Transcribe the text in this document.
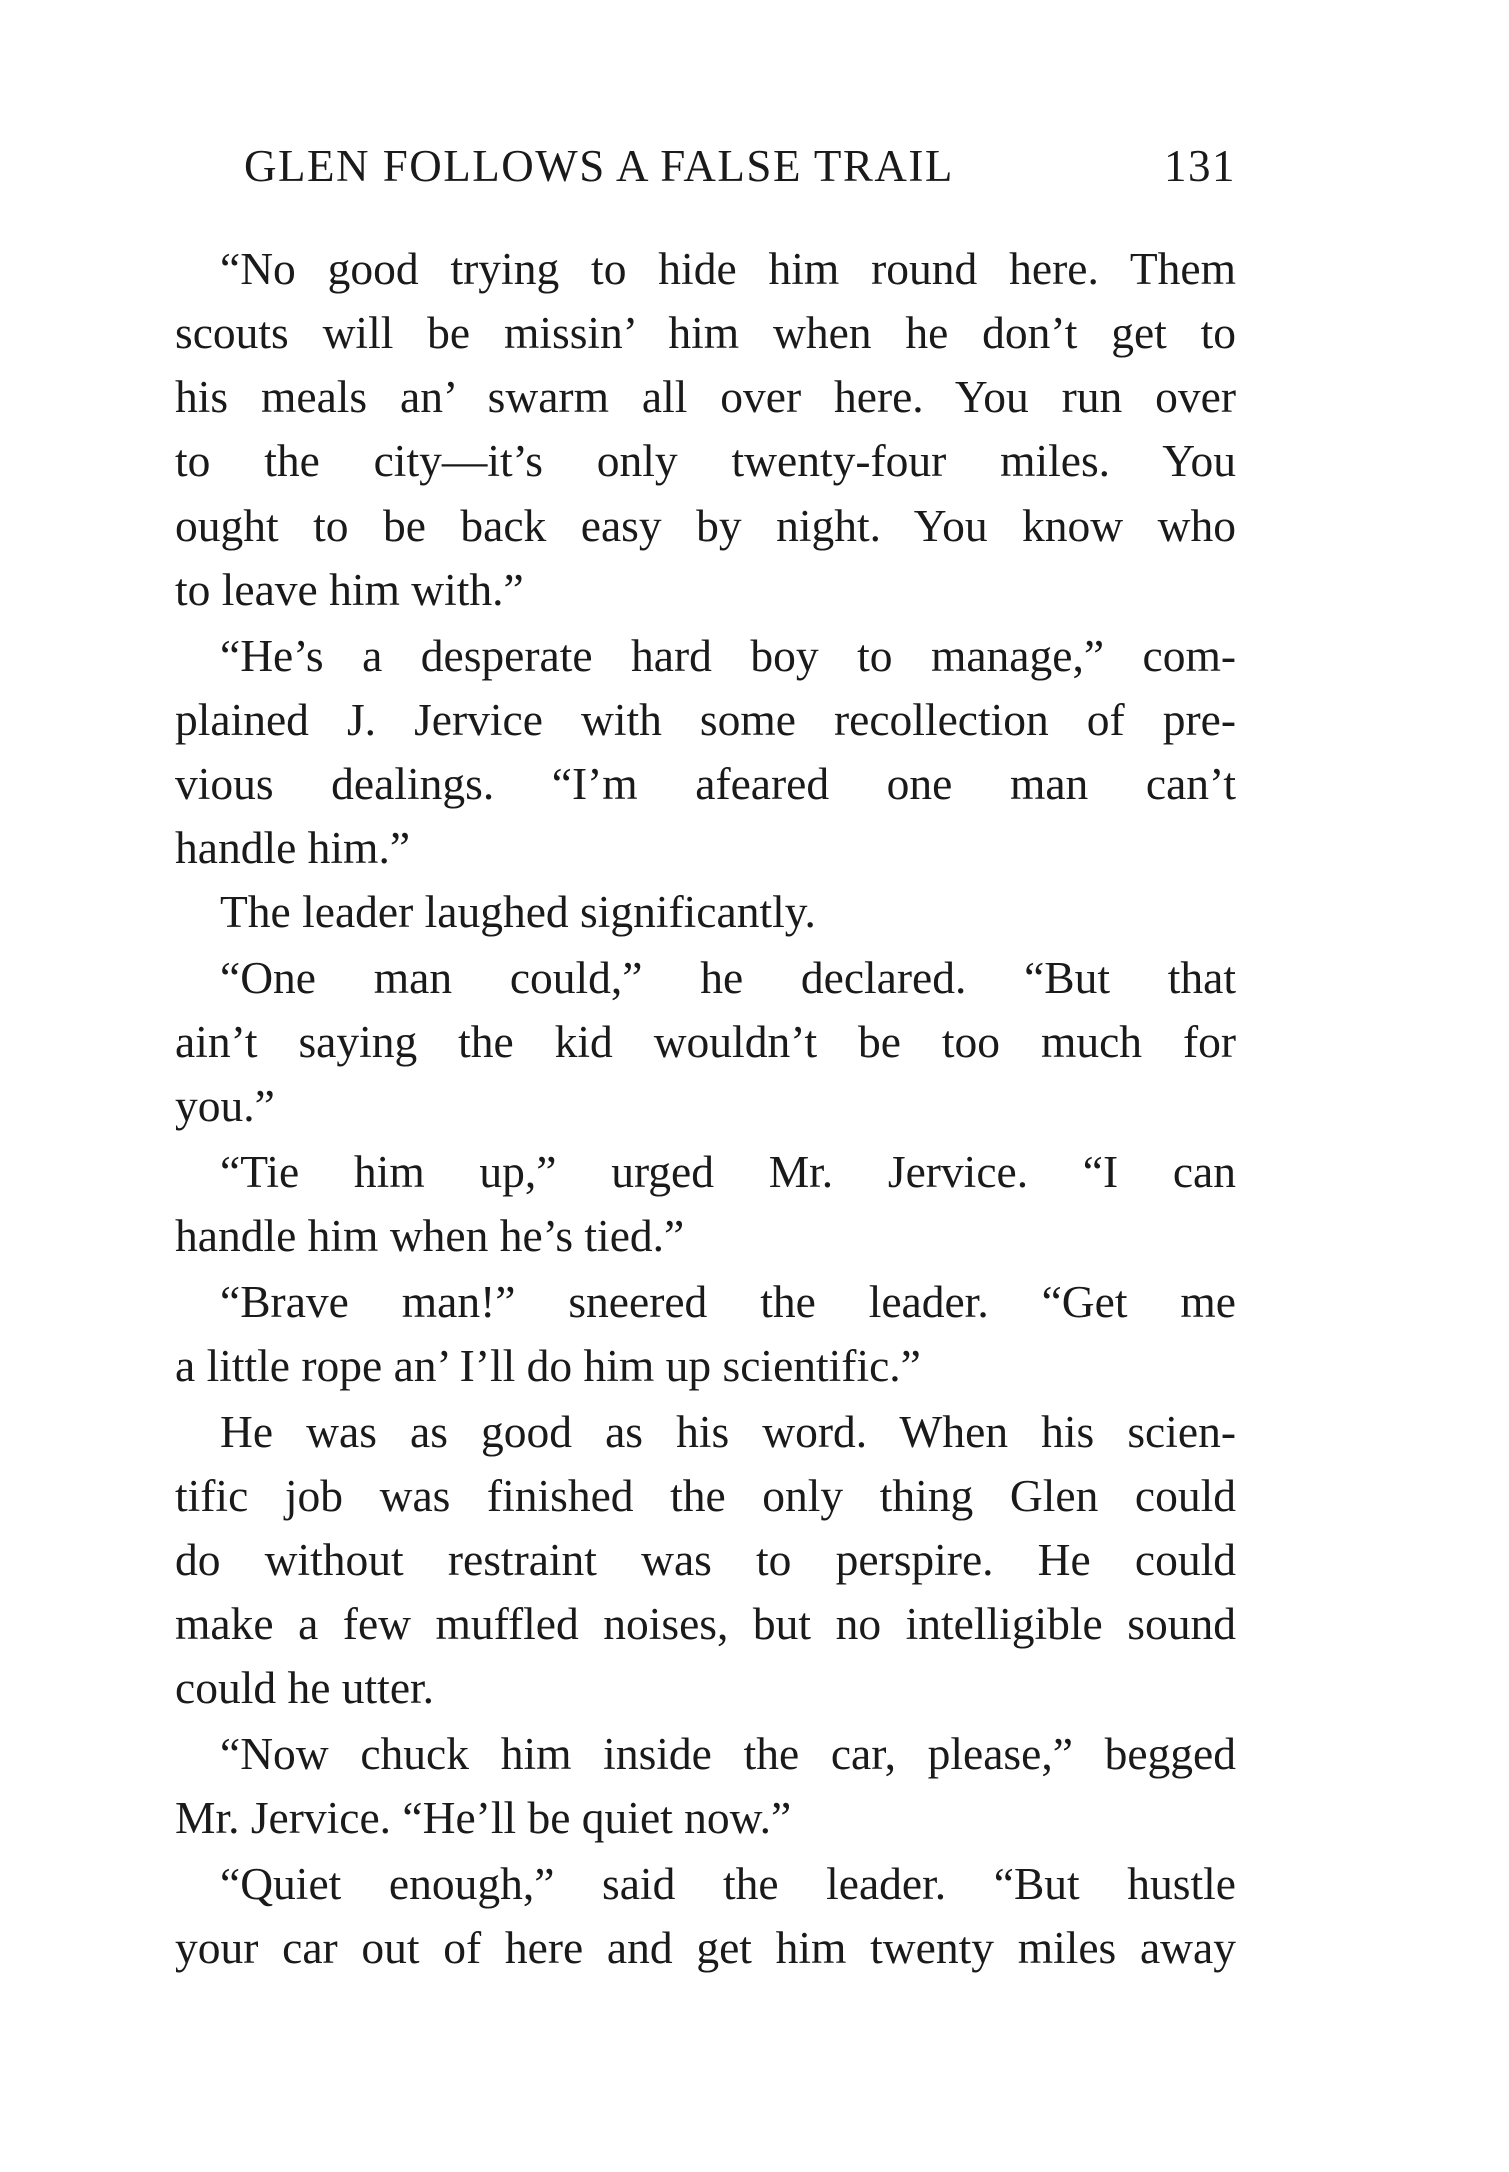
GLEN FOLLOWS A FALSE TRAIL	131
“No good trying to hide him round here. Them
scouts will be missin’ him when he don’t get to
his meals an’ swarm all over here. You run over
to the city—it’s only twenty-four miles. You
ought to be back easy by night. You know who
to leave him with.”
“He’s a desperate hard boy to manage,” com-
plained J. Jervice with some recollection of pre-
vious dealings. “I’m afeared one man can’t
handle him.”
The leader laughed significantly.
“One man could,” he declared. “But that
ain’t saying the kid wouldn’t be too much for
you.”
“Tie him up,” urged Mr. Jervice. “I can
handle him when he’s tied.”
“Brave man!” sneered the leader. “Get me
a little rope an’ I’ll do him up scientific.”
He was as good as his word. When his scien-
tific job was finished the only thing Glen could
do without restraint was to perspire. He could
make a few muffled noises, but no intelligible sound
could he utter.
“Now chuck him inside the car, please,” begged
Mr. Jervice. “He’ll be quiet now.”
“Quiet enough,” said the leader. “But hustle
your car out of here and get him twenty miles away
